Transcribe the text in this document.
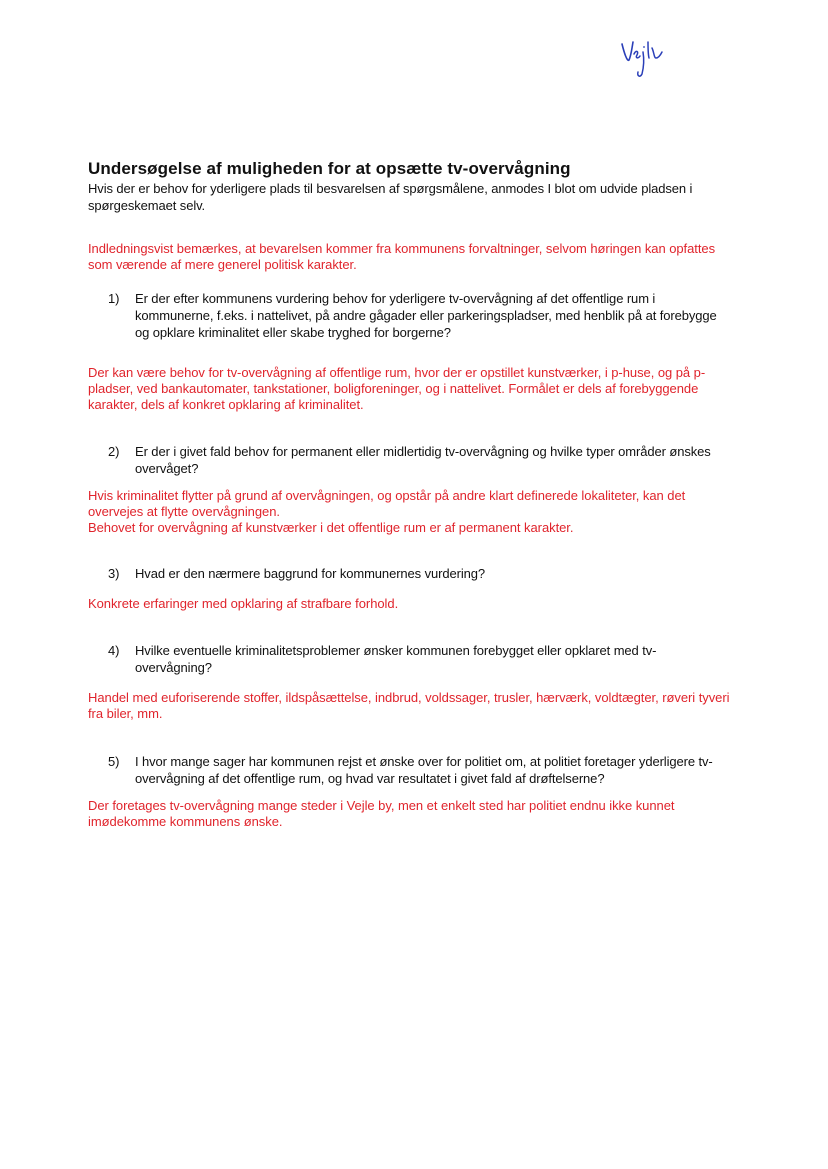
Undersøgelse af muligheden for at opsætte tv-overvågning
Hvis der er behov for yderligere plads til besvarelsen af spørgsmålene, anmodes I blot om udvide pladsen i spørgeskemaet selv.
Indledningsvist bemærkes, at bevarelsen kommer fra kommunens forvaltninger, selvom høringen kan opfattes som værende af mere generel politisk karakter.
1)	Er der efter kommunens vurdering behov for yderligere tv-overvågning af det offentlige rum i kommunerne, f.eks. i nattelivet, på andre gågader eller parkeringspladser, med henblik på at forebygge og opklare kriminalitet eller skabe tryghed for borgerne?

Der kan være behov for tv-overvågning af offentlige rum, hvor der er opstillet kunstværker, i p-huse, og på p-pladser, ved bankautomater, tankstationer, boligforeninger, og i nattelivet. Formålet er dels af forebyggende karakter, dels af konkret opklaring af kriminalitet.

2)	Er der i givet fald behov for permanent eller midlertidig tv-overvågning og hvilke typer områder ønskes overvåget?

Hvis kriminalitet flytter på grund af overvågningen, og opstår på andre klart definerede lokaliteter, kan det overvejes at flytte overvågningen.

Behovet for overvågning af kunstværker i det offentlige rum er af permanent karakter.

3)	Hvad er den nærmere baggrund for kommunernes vurdering?

Konkrete erfaringer med opklaring af strafbare forhold.

4)	Hvilke eventuelle kriminalitetsproblemer ønsker kommunen forebygget eller opklaret med tv-overvågning?

Handel med euforiserende stoffer, ildspåsættelse, indbrud, voldssager, trusler, hærværk, voldtægter, røveri tyveri fra biler, mm.

5)	I hvor mange sager har kommunen rejst et ønske over for politiet om, at politiet foretager yderligere tv-overvågning af det offentlige rum, og hvad var resultatet i givet fald af drøftelserne?

Der foretages tv-overvågning mange steder i Vejle by, men et enkelt sted har politiet endnu ikke kunnet imødekomme kommunens ønske.
